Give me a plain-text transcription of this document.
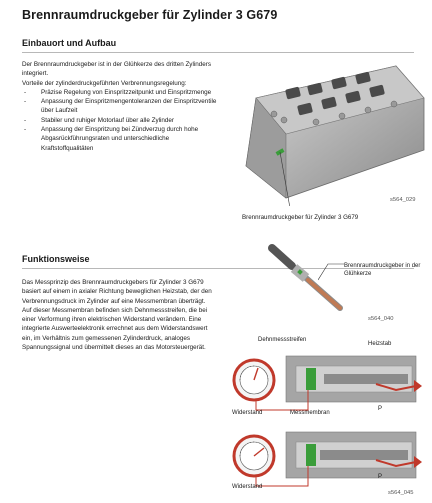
Brennraumdruckgeber für Zylinder 3 G679
Einbauort und Aufbau

Der Brennraumdruckgeber ist in der Glühkerze des dritten Zylinders integriert.

Vorteile der zylinderdruckgeführten Verbrennungsregelung:

- Präzise Regelung von Einspritzzeitpunkt und Einspritzmenge
- Anpassung der Einspritzmengentoleranzen der Einspritzventile über Laufzeit
- Stabiler und ruhiger Motorlauf über alle Zylinder
- Anpassung der Einspritzung bei Zündverzug durch hohe Abgasrückführungsraten und unterschiedliche Kraftstoffqualitäten
Brennraumdruckgeber für Zylinder 3 G679
s564_029
Funktionsweise

Das Messprinzip des Brennraumdruckgebers für Zylinder 3 G679 basiert auf einem in axialer Richtung beweglichen Heizstab, der den Verbrennungsdruck im Zylinder auf eine Messmembran überträgt.

Auf dieser Messmembran befinden sich Dehnmessstreifen, die bei einer Verformung ihren elektrischen Widerstand verändern. Eine integrierte Auswerteelektronik errechnet aus dem Widerstandswert ein, im Verhältnis zum gemessenen Zylinderdruck, analoges Spannungssignal und übermittelt dieses an das Motorsteuergerät.

Brennraumdruckgeber in der Glühkerze
s564_040
Dehnmessstreifen
Heizstab
Widerstand	Messmembran
P
Widerstand
P
s564_045
